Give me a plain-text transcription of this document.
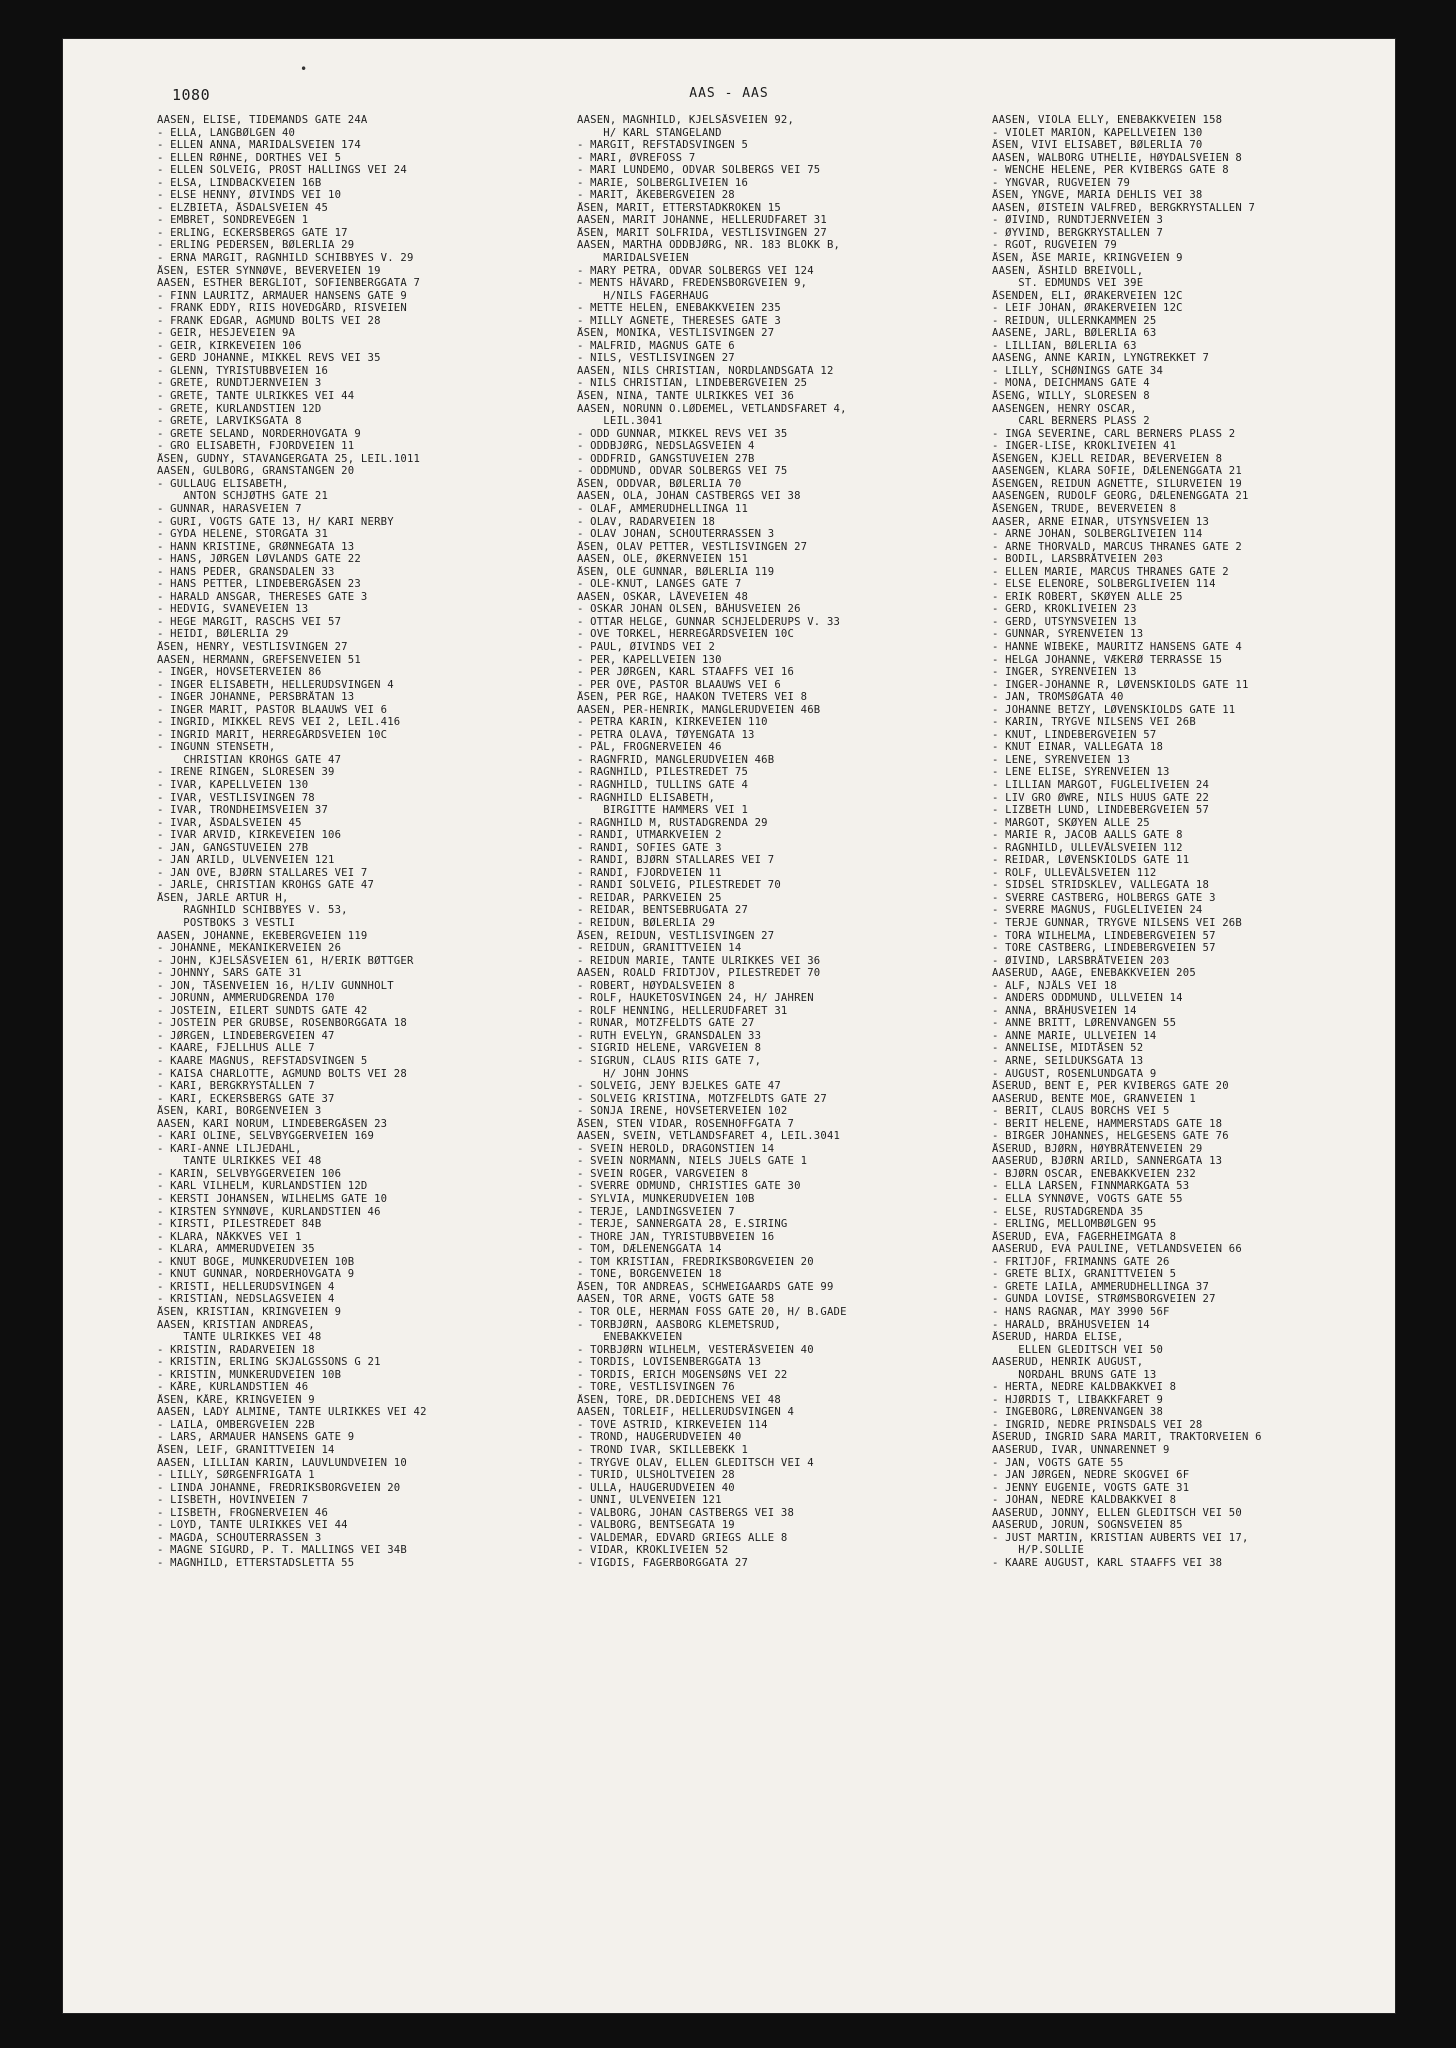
1080	AAS - AAS
•
AASEN, ELISE, TIDEMANDS GATE 24A
- ELLA, LANGBØLGEN 40
- ELLEN ANNA, MARIDALSVEIEN 174
- ELLEN RØHNE, DORTHES VEI 5
- ELLEN SOLVEIG, PROST HALLINGS VEI 24
- ELSA, LINDBACKVEIEN 16B
- ELSE HENNY, ØIVINDS VEI 10
- ELZBIETA, ÅSDALSVEIEN 45
- EMBRET, SONDREVEGEN 1
- ERLING, ECKERSBERGS GATE 17
- ERLING PEDERSEN, BØLERLIA 29
- ERNA MARGIT, RAGNHILD SCHIBBYES V. 29
ÅSEN, ESTER SYNNØVE, BEVERVEIEN 19
AASEN, ESTHER BERGLIOT, SOFIENBERGGATA 7
- FINN LAURITZ, ARMAUER HANSENS GATE 9
- FRANK EDDY, RIIS HOVEDGÅRD, RISVEIEN
- FRANK EDGAR, AGMUND BOLTS VEI 28
- GEIR, HESJEVEIEN 9A
- GEIR, KIRKEVEIEN 106
- GERD JOHANNE, MIKKEL REVS VEI 35
- GLENN, TYRISTUBBVEIEN 16
- GRETE, RUNDTJERNVEIEN 3
- GRETE, TANTE ULRIKKES VEI 44
- GRETE, KURLANDSTIEN 12D
- GRETE, LARVIKSGATA 8
- GRETE SELAND, NORDERHOVGATA 9
- GRO ELISABETH, FJORDVEIEN 11
ÅSEN, GUDNY, STAVANGERGATA 25, LEIL.1011
AASEN, GULBORG, GRANSTANGEN 20
- GULLAUG ELISABETH,
ANTON SCHJØTHS GATE 21
- GUNNAR, HARASVEIEN 7
- GURI, VOGTS GATE 13, H/ KARI NERBY
- GYDA HELENE, STORGATA 31
- HANN KRISTINE, GRØNNEGATA 13
- HANS, JØRGEN LØVLANDS GATE 22
- HANS PEDER, GRANSDALEN 33
- HANS PETTER, LINDEBERGÅSEN 23
- HARALD ANSGAR, THERESES GATE 3
- HEDVIG, SVANEVEIEN 13
- HEGE MARGIT, RASCHS VEI 57
- HEIDI, BØLERLIA 29
ÅSEN, HENRY, VESTLISVINGEN 27
AASEN, HERMANN, GREFSENVEIEN 51
- INGER, HOVSETERVEIEN 86
- INGER ELISABETH, HELLERUDSVINGEN 4
- INGER JOHANNE, PERSBRÅTAN 13
- INGER MARIT, PASTOR BLAAUWS VEI 6
- INGRID, MIKKEL REVS VEI 2, LEIL.416
- INGRID MARIT, HERREGÅRDSVEIEN 10C
- INGUNN STENSETH,
CHRISTIAN KROHGS GATE 47
- IRENE RINGEN, SLORESEN 39
- IVAR, KAPELLVEIEN 130
- IVAR, VESTLISVINGEN 78
- IVAR, TRONDHEIMSVEIEN 37
- IVAR, ÅSDALSVEIEN 45
- IVAR ARVID, KIRKEVEIEN 106
- JAN, GANGSTUVEIEN 27B
- JAN ARILD, ULVENVEIEN 121
- JAN OVE, BJØRN STALLARES VEI 7
- JARLE, CHRISTIAN KROHGS GATE 47
ÅSEN, JARLE ARTUR H,
RAGNHILD SCHIBBYES V. 53,
POSTBOKS 3 VESTLI
AASEN, JOHANNE, EKEBERGVEIEN 119
- JOHANNE, MEKANIKERVEIEN 26
- JOHN, KJELSÅSVEIEN 61, H/ERIK BØTTGER
- JOHNNY, SARS GATE 31
- JON, TÅSENVEIEN 16, H/LIV GUNNHOLT
- JORUNN, AMMERUDGRENDA 170
- JOSTEIN, EILERT SUNDTS GATE 42
- JOSTEIN PER GRUBSE, ROSENBORGGATA 18
- JØRGEN, LINDEBERGVEIEN 47
- KAARE, FJELLHUS ALLE 7
- KAARE MAGNUS, REFSTADSVINGEN 5
- KAISA CHARLOTTE, AGMUND BOLTS VEI 28
- KARI, BERGKRYSTALLEN 7
- KARI, ECKERSBERGS GATE 37
ÅSEN, KARI, BORGENVEIEN 3
AASEN, KARI NORUM, LINDEBERGÅSEN 23
- KARI OLINE, SELVBYGGERVEIEN 169
- KARI-ANNE LILJEDAHL,
TANTE ULRIKKES VEI 48
- KARIN, SELVBYGGERVEIEN 106
- KARL VILHELM, KURLANDSTIEN 12D
- KERSTI JOHANSEN, WILHELMS GATE 10
- KIRSTEN SYNNØVE, KURLANDSTIEN 46
- KIRSTI, PILESTREDET 84B
- KLARA, NÅKKVES VEI 1
- KLARA, AMMERUDVEIEN 35
- KNUT BOGE, MUNKERUDVEIEN 10B
- KNUT GUNNAR, NORDERHOVGATA 9
- KRISTI, HELLERUDSVINGEN 4
- KRISTIAN, NEDSLAGSVEIEN 4
ÅSEN, KRISTIAN, KRINGVEIEN 9
AASEN, KRISTIAN ANDREAS,
TANTE ULRIKKES VEI 48
- KRISTIN, RADARVEIEN 18
- KRISTIN, ERLING SKJALGSSONS G 21
- KRISTIN, MUNKERUDVEIEN 10B
- KÅRE, KURLANDSTIEN 46
ÅSEN, KÅRE, KRINGVEIEN 9
AASEN, LADY ALMINE, TANTE ULRIKKES VEI 42
- LAILA, OMBERGVEIEN 22B
- LARS, ARMAUER HANSENS GATE 9
ÅSEN, LEIF, GRANITTVEIEN 14
AASEN, LILLIAN KARIN, LAUVLUNDVEIEN 10
- LILLY, SØRGENFRIGATA 1
- LINDA JOHANNE, FREDRIKSBORGVEIEN 20
- LISBETH, HOVINVEIEN 7
- LISBETH, FROGNERVEIEN 46
- LOYD, TANTE ULRIKKES VEI 44
- MAGDA, SCHOUTERRASSEN 3
- MAGNE SIGURD, P. T. MALLINGS VEI 34B
- MAGNHILD, ETTERSTADSLETTA 55
AASEN, MAGNHILD, KJELSÅSVEIEN 92,
H/ KARL STANGELAND
- MARGIT, REFSTADSVINGEN 5
- MARI, ØVREFOSS 7
- MARI LUNDEMO, ODVAR SOLBERGS VEI 75
- MARIE, SOLBERGLIVEIEN 16
- MARIT, ÅKEBERGVEIEN 28
ÅSEN, MARIT, ETTERSTADKROKEN 15
AASEN, MARIT JOHANNE, HELLERUDFARET 31
ÅSEN, MARIT SOLFRIDA, VESTLISVINGEN 27
AASEN, MARTHA ODDBJØRG, NR. 183 BLOKK B,
MARIDALSVEIEN
- MARY PETRA, ODVAR SOLBERGS VEI 124
- MENTS HÅVARD, FREDENSBORGVEIEN 9,
H/NILS FAGERHAUG
- METTE HELEN, ENEBAKKVEIEN 235
- MILLY AGNETE, THERESES GATE 3
ÅSEN, MONIKA, VESTLISVINGEN 27
- MALFRID, MAGNUS GATE 6
- NILS, VESTLISVINGEN 27
AASEN, NILS CHRISTIAN, NORDLANDSGATA 12
- NILS CHRISTIAN, LINDEBERGVEIEN 25
ÅSEN, NINA, TANTE ULRIKKES VEI 36
AASEN, NORUNN O.LØDEMEL, VETLANDSFARET 4,
LEIL.3041
- ODD GUNNAR, MIKKEL REVS VEI 35
- ODDBJØRG, NEDSLAGSVEIEN 4
- ODDFRID, GANGSTUVEIEN 27B
- ODDMUND, ODVAR SOLBERGS VEI 75
ÅSEN, ODDVAR, BØLERLIA 70
AASEN, OLA, JOHAN CASTBERGS VEI 38
- OLAF, AMMERUDHELLINGA 11
- OLAV, RADARVEIEN 18
- OLAV JOHAN, SCHOUTERRASSEN 3
ÅSEN, OLAV PETTER, VESTLISVINGEN 27
AASEN, OLE, ØKERNVEIEN 151
ÅSEN, OLE GUNNAR, BØLERLIA 119
- OLE-KNUT, LANGES GATE 7
AASEN, OSKAR, LÅVEVEIEN 48
- OSKAR JOHAN OLSEN, BÅHUSVEIEN 26
- OTTAR HELGE, GUNNAR SCHJELDERUPS V. 33
- OVE TORKEL, HERREGÅRDSVEIEN 10C
- PAUL, ØIVINDS VEI 2
- PER, KAPELLVEIEN 130
- PER JØRGEN, KARL STAAFFS VEI 16
- PER OVE, PASTOR BLAAUWS VEI 6
ÅSEN, PER RGE, HAAKON TVETERS VEI 8
AASEN, PER-HENRIK, MANGLERUDVEIEN 46B
- PETRA KARIN, KIRKEVEIEN 110
- PETRA OLAVA, TØYENGATA 13
- PÅL, FROGNERVEIEN 46
- RAGNFRID, MANGLERUDVEIEN 46B
- RAGNHILD, PILESTREDET 75
- RAGNHILD, TULLINS GATE 4
- RAGNHILD ELISABETH,
BIRGITTE HAMMERS VEI 1
- RAGNHILD M, RUSTADGRENDA 29
- RANDI, UTMARKVEIEN 2
- RANDI, SOFIES GATE 3
- RANDI, BJØRN STALLARES VEI 7
- RANDI, FJORDVEIEN 11
- RANDI SOLVEIG, PILESTREDET 70
- REIDAR, PARKVEIEN 25
- REIDAR, BENTSEBRUGATA 27
- REIDUN, BØLERLIA 29
ÅSEN, REIDUN, VESTLISVINGEN 27
- REIDUN, GRANITTVEIEN 14
- REIDUN MARIE, TANTE ULRIKKES VEI 36
AASEN, ROALD FRIDTJOV, PILESTREDET 70
- ROBERT, HØYDALSVEIEN 8
- ROLF, HAUKETOSVINGEN 24, H/ JAHREN
- ROLF HENNING, HELLERUDFARET 31
- RUNAR, MOTZFELDTS GATE 27
- RUTH EVELYN, GRANSDALEN 33
- SIGRID HELENE, VARGVEIEN 8
- SIGRUN, CLAUS RIIS GATE 7,
H/ JOHN JOHNS
- SOLVEIG, JENY BJELKES GATE 47
- SOLVEIG KRISTINA, MOTZFELDTS GATE 27
- SONJA IRENE, HOVSETERVEIEN 102
ÅSEN, STEN VIDAR, ROSENHOFFGATA 7
AASEN, SVEIN, VETLANDSFARET 4, LEIL.3041
- SVEIN HEROLD, DRAGONSTIEN 14
- SVEIN NORMANN, NIELS JUELS GATE 1
- SVEIN ROGER, VARGVEIEN 8
- SVERRE ODMUND, CHRISTIES GATE 30
- SYLVIA, MUNKERUDVEIEN 10B
- TERJE, LANDINGSVEIEN 7
- TERJE, SANNERGATA 28, E.SIRING
- THORE JAN, TYRISTUBBVEIEN 16
- TOM, DÆLENENGGATA 14
- TOM KRISTIAN, FREDRIKSBORGVEIEN 20
- TONE, BORGENVEIEN 18
ÅSEN, TOR ANDREAS, SCHWEIGAARDS GATE 99
AASEN, TOR ARNE, VOGTS GATE 58
- TOR OLE, HERMAN FOSS GATE 20, H/ B.GADE
- TORBJØRN, AASBORG KLEMETSRUD,
ENEBAKKVEIEN
- TORBJØRN WILHELM, VESTERÅSVEIEN 40
- TORDIS, LOVISENBERGGATA 13
- TORDIS, ERICH MOGENSØNS VEI 22
- TORE, VESTLISVINGEN 76
ÅSEN, TORE, DR.DEDICHENS VEI 48
AASEN, TORLEIF, HELLERUDSVINGEN 4
- TOVE ASTRID, KIRKEVEIEN 114
- TROND, HAUGERUDVEIEN 40
- TROND IVAR, SKILLEBEKK 1
- TRYGVE OLAV, ELLEN GLEDITSCH VEI 4
- TURID, ULSHOLTVEIEN 28
- ULLA, HAUGERUDVEIEN 40
- UNNI, ULVENVEIEN 121
- VALBORG, JOHAN CASTBERGS VEI 38
- VALBORG, BENTSEGATA 19
- VALDEMAR, EDVARD GRIEGS ALLE 8
- VIDAR, KROKLIVEIEN 52
- VIGDIS, FAGERBORGGATA 27
AASEN, VIOLA ELLY, ENEBAKKVEIEN 158
- VIOLET MARION, KAPELLVEIEN 130
ÅSEN, VIVI ELISABET, BØLERLIA 70
AASEN, WALBORG UTHELIE, HØYDALSVEIEN 8
- WENCHE HELENE, PER KVIBERGS GATE 8
- YNGVAR, RUGVEIEN 79
ÅSEN, YNGVE, MARIA DEHLIS VEI 38
AASEN, ØISTEIN VALFRED, BERGKRYSTALLEN 7
- ØIVIND, RUNDTJERNVEIEN 3
- ØYVIND, BERGKRYSTALLEN 7
- RGOT, RUGVEIEN 79
ÅSEN, ÅSE MARIE, KRINGVEIEN 9
AASEN, ÅSHILD BREIVOLL,
ST. EDMUNDS VEI 39E
ÅSENDEN, ELI, ØRAKERVEIEN 12C
- LEIF JOHAN, ØRAKERVEIEN 12C
- REIDUN, ULLERNKAMMEN 25
AASENE, JARL, BØLERLIA 63
- LILLIAN, BØLERLIA 63
AASENG, ANNE KARIN, LYNGTREKKET 7
- LILLY, SCHØNINGS GATE 34
- MONA, DEICHMANS GATE 4
ÅSENG, WILLY, SLORESEN 8
AASENGEN, HENRY OSCAR,
CARL BERNERS PLASS 2
- INGA SEVERINE, CARL BERNERS PLASS 2
- INGER-LISE, KROKLIVEIEN 41
ÅSENGEN, KJELL REIDAR, BEVERVEIEN 8
AASENGEN, KLARA SOFIE, DÆLENENGGATA 21
ÅSENGEN, REIDUN AGNETTE, SILURVEIEN 19
AASENGEN, RUDOLF GEORG, DÆLENENGGATA 21
ÅSENGEN, TRUDE, BEVERVEIEN 8
AASER, ARNE EINAR, UTSYNSVEIEN 13
- ARNE JOHAN, SOLBERGLIVEIEN 114
- ARNE THORVALD, MARCUS THRANES GATE 2
- BODIL, LARSBRÅTVEIEN 203
- ELLEN MARIE, MARCUS THRANES GATE 2
- ELSE ELENORE, SOLBERGLIVEIEN 114
- ERIK ROBERT, SKØYEN ALLE 25
- GERD, KROKLIVEIEN 23
- GERD, UTSYNSVEIEN 13
- GUNNAR, SYRENVEIEN 13
- HANNE WIBEKE, MAURITZ HANSENS GATE 4
- HELGA JOHANNE, VÆKERØ TERRASSE 15
- INGER, SYRENVEIEN 13
- INGER-JOHANNE R, LØVENSKIOLDS GATE 11
- JAN, TROMSØGATA 40
- JOHANNE BETZY, LØVENSKIOLDS GATE 11
- KARIN, TRYGVE NILSENS VEI 26B
- KNUT, LINDEBERGVEIEN 57
- KNUT EINAR, VALLEGATA 18
- LENE, SYRENVEIEN 13
- LENE ELISE, SYRENVEIEN 13
- LILLIAN MARGOT, FUGLELIVEIEN 24
- LIV GRO ØWRE, NILS HUUS GATE 22
- LIZBETH LUND, LINDEBERGVEIEN 57
- MARGOT, SKØYEN ALLE 25
- MARIE R, JACOB AALLS GATE 8
- RAGNHILD, ULLEVÅLSVEIEN 112
- REIDAR, LØVENSKIOLDS GATE 11
- ROLF, ULLEVÅLSVEIEN 112
- SIDSEL STRIDSKLEV, VALLEGATA 18
- SVERRE CASTBERG, HOLBERGS GATE 3
- SVERRE MAGNUS, FUGLELIVEIEN 24
- TERJE GUNNAR, TRYGVE NILSENS VEI 26B
- TORA WILHELMA, LINDEBERGVEIEN 57
- TORE CASTBERG, LINDEBERGVEIEN 57
- ØIVIND, LARSBRÅTVEIEN 203
AASERUD, AAGE, ENEBAKKVEIEN 205
- ALF, NJÅLS VEI 18
- ANDERS ODDMUND, ULLVEIEN 14
- ANNA, BRÅHUSVEIEN 14
- ANNE BRITT, LØRENVANGEN 55
- ANNE MARIE, ULLVEIEN 14
- ANNELISE, MIDTÅSEN 52
- ARNE, SEILDUKSGATA 13
- AUGUST, ROSENLUNDGATA 9
ÅSERUD, BENT E, PER KVIBERGS GATE 20
AASERUD, BENTE MOE, GRANVEIEN 1
- BERIT, CLAUS BORCHS VEI 5
- BERIT HELENE, HAMMERSTADS GATE 18
- BIRGER JOHANNES, HELGESENS GATE 76
ÅSERUD, BJØRN, HØYBRÅTENVEIEN 29
AASERUD, BJØRN ARILD, SANNERGATA 13
- BJØRN OSCAR, ENEBAKKVEIEN 232
- ELLA LARSEN, FINNMARKGATA 53
- ELLA SYNNØVE, VOGTS GATE 55
- ELSE, RUSTADGRENDA 35
- ERLING, MELLOMBØLGEN 95
ÅSERUD, EVA, FAGERHEIMGATA 8
AASERUD, EVA PAULINE, VETLANDSVEIEN 66
- FRITJOF, FRIMANNS GATE 26
- GRETE BLIX, GRANITTVEIEN 5
- GRETE LAILA, AMMERUDHELLINGA 37
- GUNDA LOVISE, STRØMSBORGVEIEN 27
- HANS RAGNAR, MAY 3990 56F
- HARALD, BRÅHUSVEIEN 14
ÅSERUD, HARDA ELISE,
ELLEN GLEDITSCH VEI 50
AASERUD, HENRIK AUGUST,
NORDAHL BRUNS GATE 13
- HERTA, NEDRE KALDBAKKVEI 8
- HJØRDIS T, LIBAKKFARET 9
- INGEBORG, LØRENVANGEN 38
- INGRID, NEDRE PRINSDALS VEI 28
ÅSERUD, INGRID SARA MARIT, TRAKTORVEIEN 6
AASERUD, IVAR, UNNARENNET 9
- JAN, VOGTS GATE 55
- JAN JØRGEN, NEDRE SKOGVEI 6F
- JENNY EUGENIE, VOGTS GATE 31
- JOHAN, NEDRE KALDBAKKVEI 8
AASERUD, JONNY, ELLEN GLEDITSCH VEI 50
AASERUD, JORUN, SOGNSVEIEN 85
- JUST MARTIN, KRISTIAN AUBERTS VEI 17,
H/P.SOLLIE
- KAARE AUGUST, KARL STAAFFS VEI 38
